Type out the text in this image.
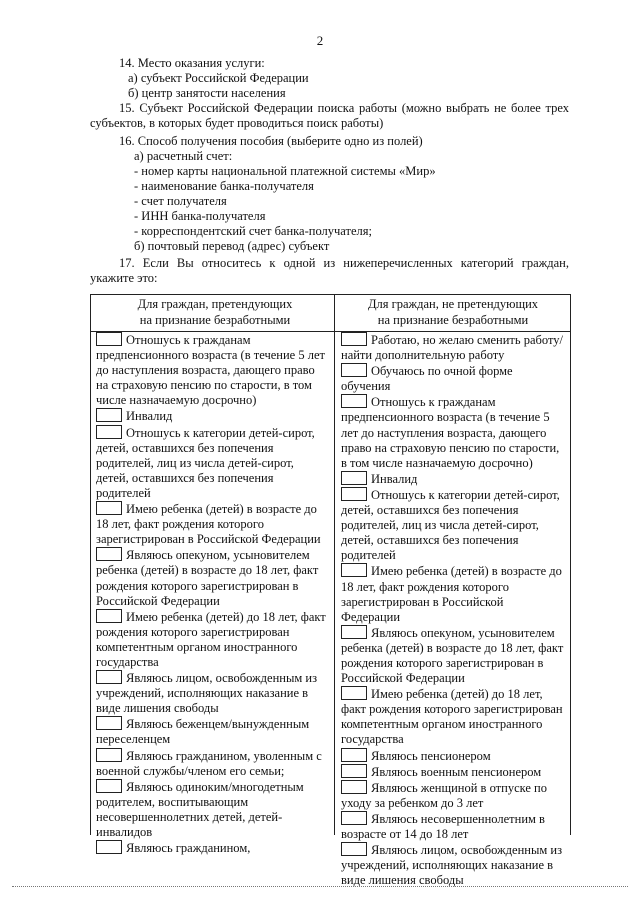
2
14. Место оказания услуги:
а) субъект Российской Федерации
б) центр занятости населения
15. Субъект Российской Федерации поиска работы (можно выбрать не более трех субъектов, в которых будет проводиться поиск работы)
16. Способ получения пособия (выберите одно из полей)
а) расчетный счет:
- номер карты национальной платежной системы «Мир»
- наименование банка-получателя
- счет получателя
- ИНН банка-получателя
- корреспондентский счет банка-получателя;
б) почтовый перевод (адрес) субъект
17. Если Вы относитесь к одной из нижеперечисленных категорий граждан, укажите это:
Для граждан, претендующих на признание безработными
Для граждан, не претендующих на признание безработными

Отношусь к гражданам предпенсионного возраста (в течение 5 лет до наступления возраста, дающего право на страховую пенсию по старости, в том числе назначаемую досрочно)

Инвалид

Отношусь к категории детей-сирот, детей, оставшихся без попечения родителей, лиц из числа детей-сирот, детей, оставшихся без попечения родителей

Имею ребенка (детей) в возрасте до 18 лет, факт рождения которого зарегистрирован в Российской Федерации

Являюсь опекуном, усыновителем ребенка (детей) в возрасте до 18 лет, факт рождения которого зарегистрирован в Российской Федерации

Имею ребенка (детей) до 18 лет, факт рождения которого зарегистрирован компетентным органом иностранного государства

Являюсь лицом, освобожденным из учреждений, исполняющих наказание в виде лишения свободы

Являюсь беженцем/вынужденным переселенцем

Являюсь гражданином, уволенным с военной службы/членом его семьи;

Являюсь одиноким/многодетным родителем, воспитывающим несовершеннолетних детей, детей-инвалидов

Являюсь гражданином,

Работаю, но желаю сменить работу/найти дополнительную работу

Обучаюсь по очной форме обучения

Отношусь к гражданам предпенсионного возраста (в течение 5 лет до наступления возраста, дающего право на страховую пенсию по старости, в том числе назначаемую досрочно)

Инвалид

Отношусь к категории детей-сирот, детей, оставшихся без попечения родителей, лиц из числа детей-сирот, детей, оставшихся без попечения родителей

Имею ребенка (детей) в возрасте до 18 лет, факт рождения которого зарегистрирован в Российской Федерации

Являюсь опекуном, усыновителем ребенка (детей) в возрасте до 18 лет, факт рождения которого зарегистрирован в Российской Федерации

Имею ребенка (детей) до 18 лет, факт рождения которого зарегистрирован компетентным органом иностранного государства

Являюсь пенсионером

Являюсь военным пенсионером

Являюсь женщиной в отпуске по уходу за ребенком до 3 лет

Являюсь несовершеннолетним в возрасте от 14 до 18 лет

Являюсь лицом, освобожденным из учреждений, исполняющих наказание в виде лишения свободы
